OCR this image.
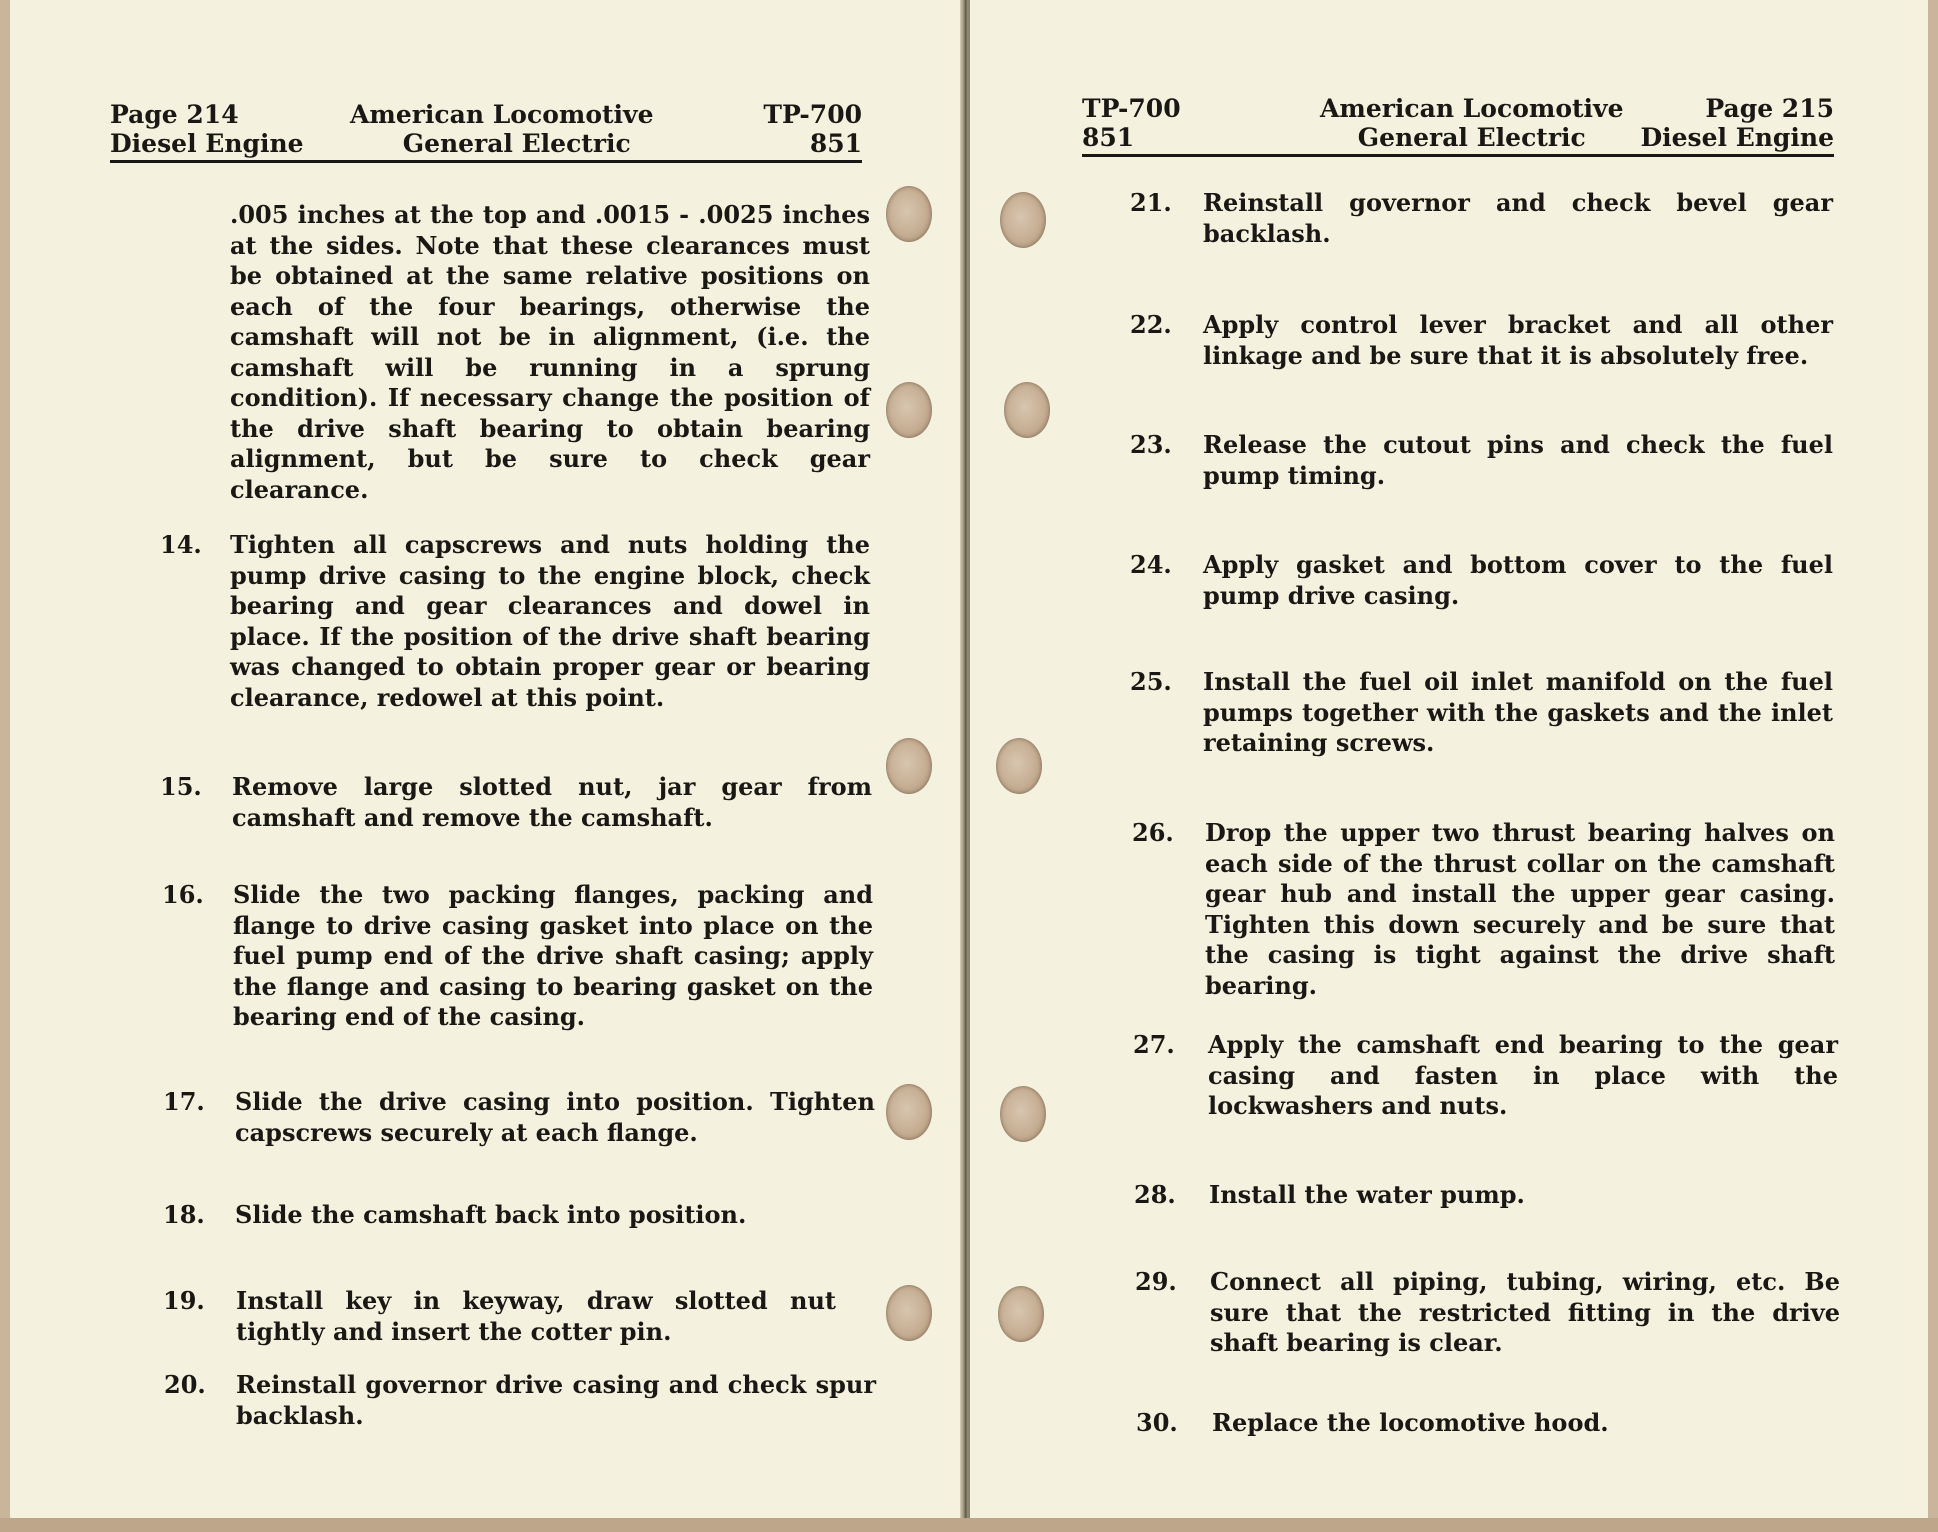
Page 214
Diesel Engine
American Locomotive
General Electric
TP-700
851
.005 inches at the top and .0015 - .0025 inches at the sides. Note that these clearances must be obtained at the same relative positions on each of the four bearings, otherwise the camshaft will not be in alignment, (i.e. the camshaft will be running in a sprung condition). If necessary change the position of the drive shaft bearing to obtain bearing alignment, but be sure to check gear clearance.
14. Tighten all capscrews and nuts holding the pump drive casing to the engine block, check bearing and gear clearances and dowel in place. If the position of the drive shaft bearing was changed to obtain proper gear or bearing clearance, redowel at this point.
15. Remove large slotted nut, jar gear from camshaft and remove the camshaft.
16. Slide the two packing flanges, packing and flange to drive casing gasket into place on the fuel pump end of the drive shaft casing; apply the flange and casing to bearing gasket on the bearing end of the casing.
17. Slide the drive casing into position. Tighten capscrews securely at each flange.
18. Slide the camshaft back into position.
19. Install key in keyway, draw slotted nut tightly and insert the cotter pin.
20. Reinstall governor drive casing and check spur backlash.
TP-700
851
American Locomotive
General Electric
Page 215
Diesel Engine
21. Reinstall governor and check bevel gear backlash.
22. Apply control lever bracket and all other linkage and be sure that it is absolutely free.
23. Release the cutout pins and check the fuel pump timing.
24. Apply gasket and bottom cover to the fuel pump drive casing.
25. Install the fuel oil inlet manifold on the fuel pumps together with the gaskets and the inlet retaining screws.
26. Drop the upper two thrust bearing halves on each side of the thrust collar on the camshaft gear hub and install the upper gear casing. Tighten this down securely and be sure that the casing is tight against the drive shaft bearing.
27. Apply the camshaft end bearing to the gear casing and fasten in place with the lockwashers and nuts.
28. Install the water pump.
29. Connect all piping, tubing, wiring, etc. Be sure that the restricted fitting in the drive shaft bearing is clear.
30. Replace the locomotive hood.
